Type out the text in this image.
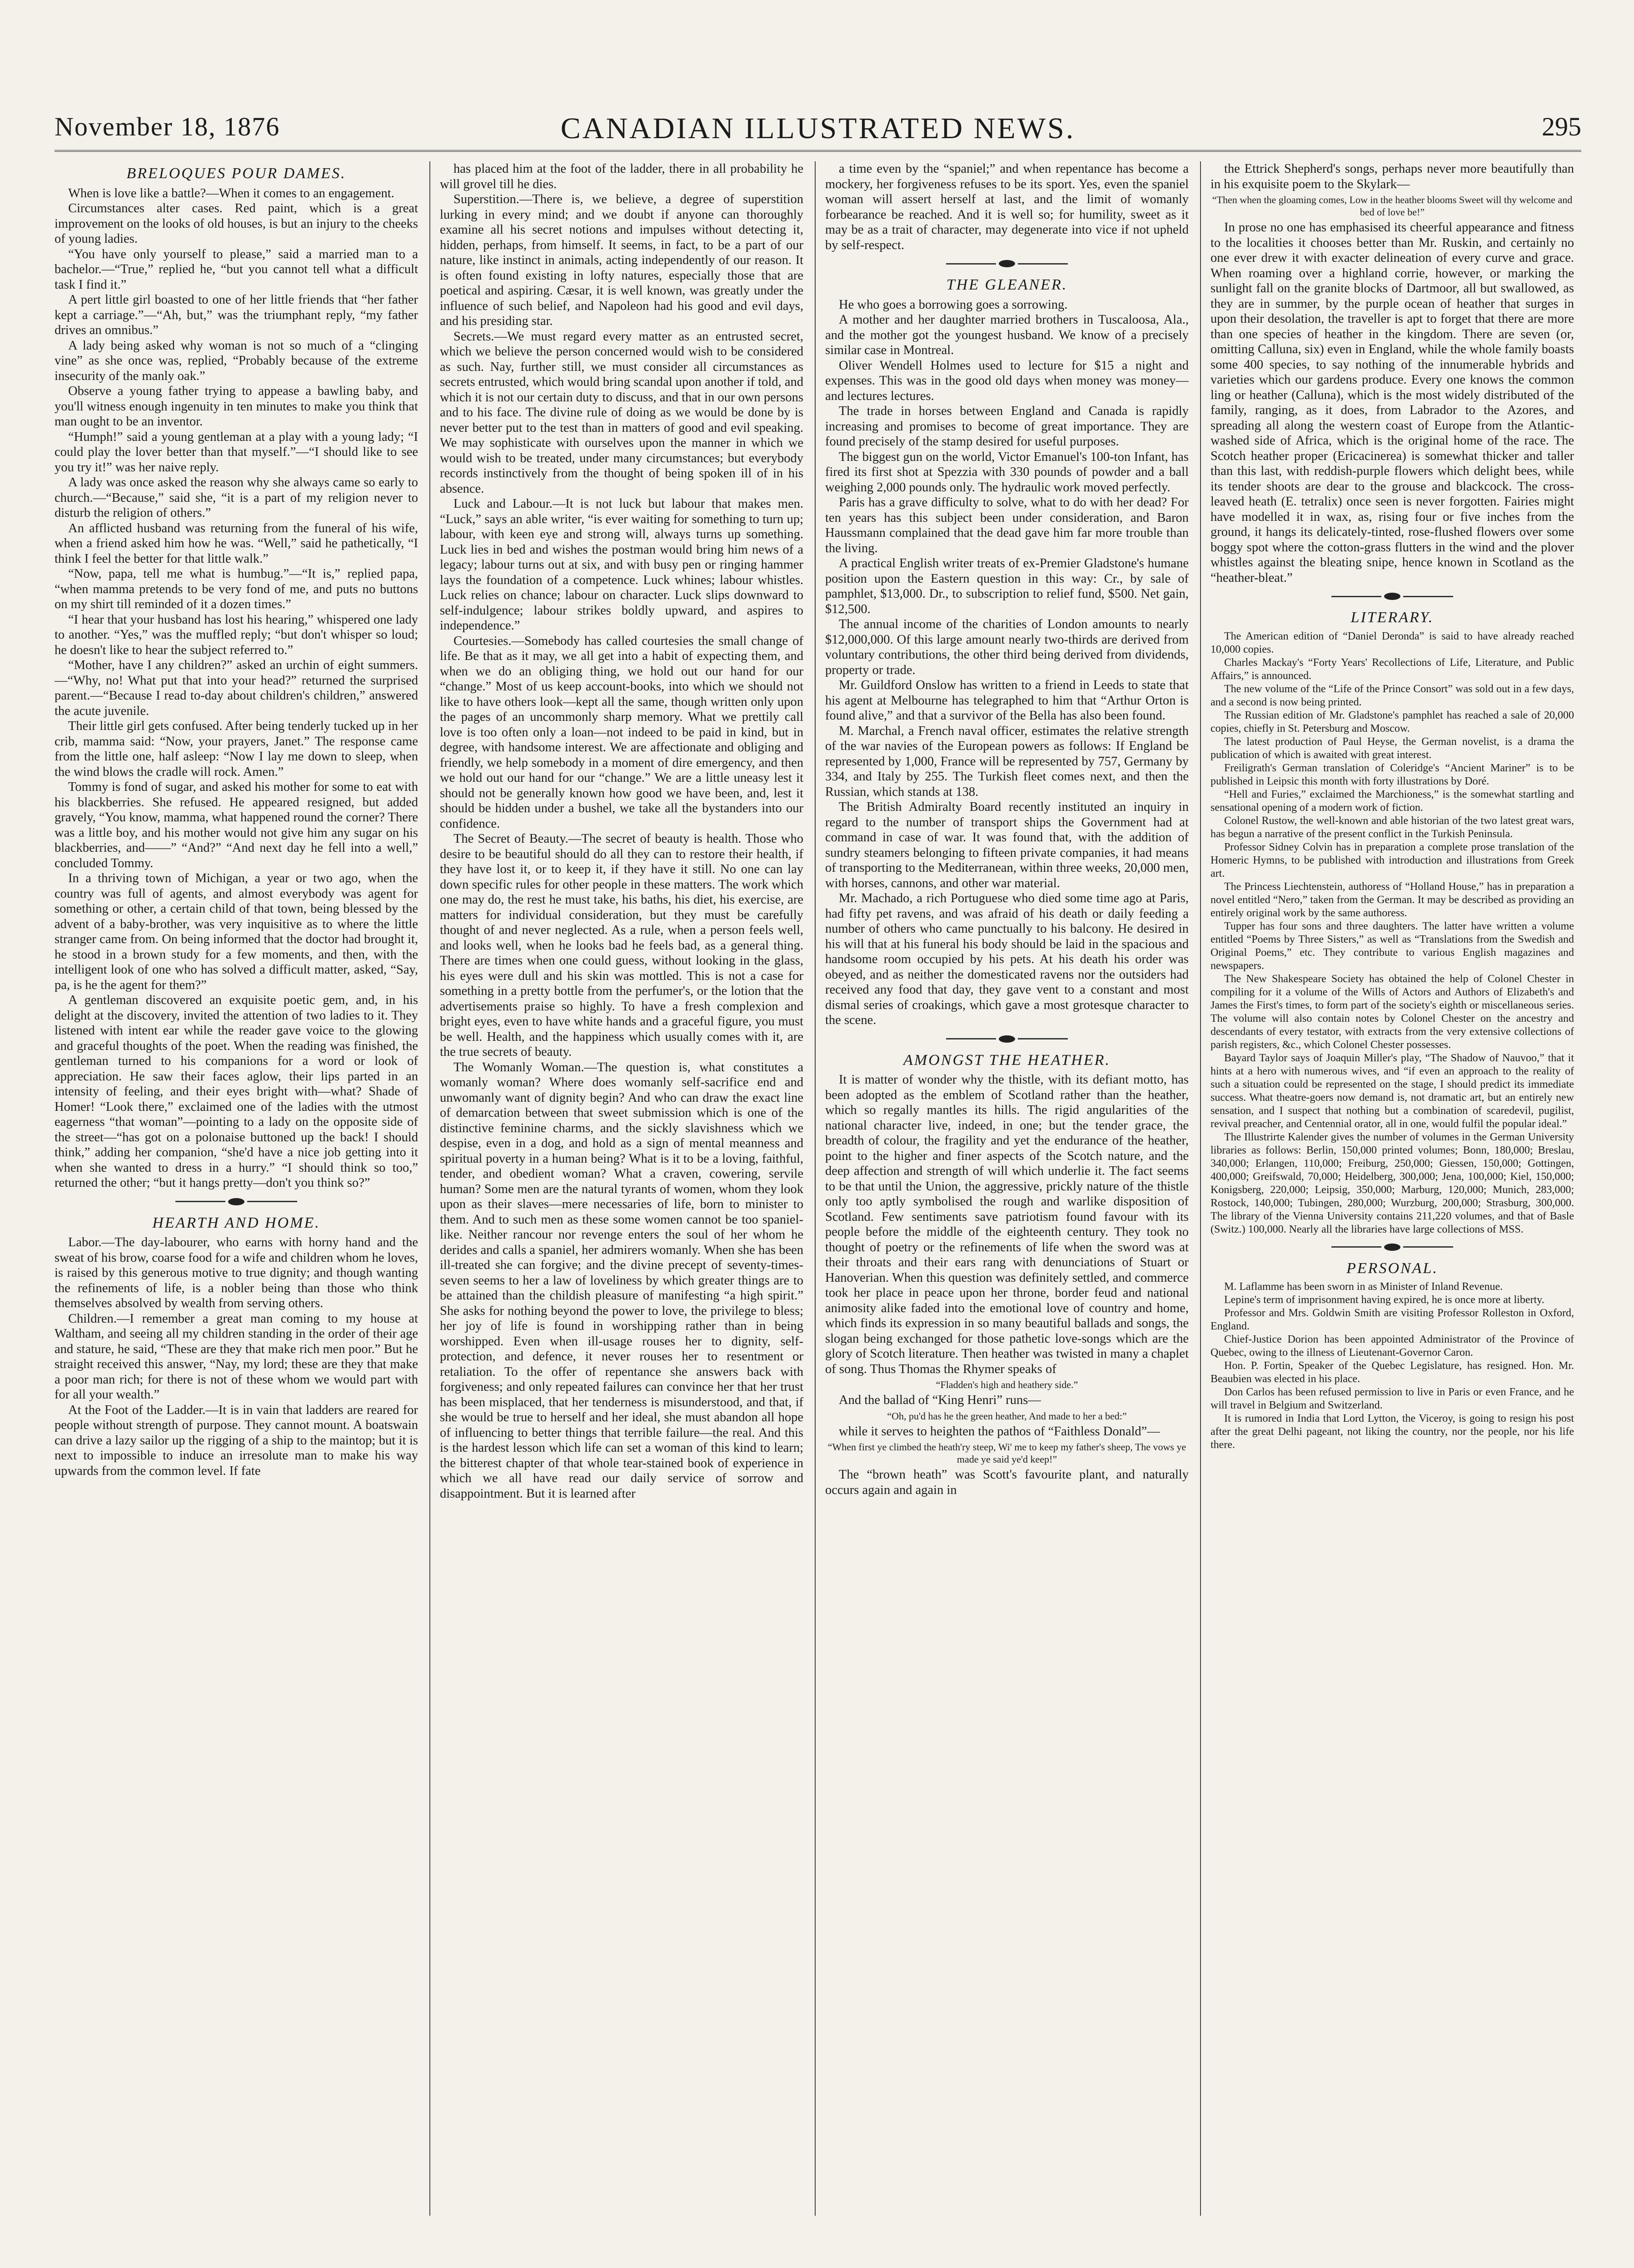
November 18, 1876	CANADIAN ILLUSTRATED NEWS.	295
BRELOQUES POUR DAMES.

When is love like a battle?—When it comes to an engagement.

Circumstances alter cases. Red paint, which is a great improvement on the looks of old houses, is but an injury to the cheeks of young ladies.

“You have only yourself to please,” said a married man to a bachelor.—“True,” replied he, “but you cannot tell what a difficult task I find it.”

A pert little girl boasted to one of her little friends that “her father kept a carriage.”—“Ah, but,” was the triumphant reply, “my father drives an omnibus.”

A lady being asked why woman is not so much of a “clinging vine” as she once was, replied, “Probably because of the extreme insecurity of the manly oak.”

Observe a young father trying to appease a bawling baby, and you'll witness enough ingenuity in ten minutes to make you think that man ought to be an inventor.

“Humph!” said a young gentleman at a play with a young lady; “I could play the lover better than that myself.”—“I should like to see you try it!” was her naive reply.

A lady was once asked the reason why she always came so early to church.—“Because,” said she, “it is a part of my religion never to disturb the religion of others.”

An afflicted husband was returning from the funeral of his wife, when a friend asked him how he was. “Well,” said he pathetically, “I think I feel the better for that little walk.”

“Now, papa, tell me what is humbug.”—“It is,” replied papa, “when mamma pretends to be very fond of me, and puts no buttons on my shirt till reminded of it a dozen times.”

“I hear that your husband has lost his hearing,” whispered one lady to another. “Yes,” was the muffled reply; “but don't whisper so loud; he doesn't like to hear the subject referred to.”

“Mother, have I any children?” asked an urchin of eight summers.—“Why, no! What put that into your head?” returned the surprised parent.—“Because I read to-day about children's children,” answered the acute juvenile.

Their little girl gets confused. After being tenderly tucked up in her crib, mamma said: “Now, your prayers, Janet.” The response came from the little one, half asleep: “Now I lay me down to sleep, when the wind blows the cradle will rock. Amen.”

Tommy is fond of sugar, and asked his mother for some to eat with his blackberries. She refused. He appeared resigned, but added gravely, “You know, mamma, what happened round the corner? There was a little boy, and his mother would not give him any sugar on his blackberries, and——” “And?” “And next day he fell into a well,” concluded Tommy.

In a thriving town of Michigan, a year or two ago, when the country was full of agents, and almost everybody was agent for something or other, a certain child of that town, being blessed by the advent of a baby-brother, was very inquisitive as to where the little stranger came from. On being informed that the doctor had brought it, he stood in a brown study for a few moments, and then, with the intelligent look of one who has solved a difficult matter, asked, “Say, pa, is he the agent for them?”

A gentleman discovered an exquisite poetic gem, and, in his delight at the discovery, invited the attention of two ladies to it. They listened with intent ear while the reader gave voice to the glowing and graceful thoughts of the poet. When the reading was finished, the gentleman turned to his companions for a word or look of appreciation. He saw their faces aglow, their lips parted in an intensity of feeling, and their eyes bright with—what? Shade of Homer! “Look there,” exclaimed one of the ladies with the utmost eagerness “that woman”—pointing to a lady on the opposite side of the street—“has got on a polonaise buttoned up the back! I should think,” adding her companion, “she'd have a nice job getting into it when she wanted to dress in a hurry.” “I should think so too,” returned the other; “but it hangs pretty—don't you think so?”

HEARTH AND HOME.

Labor.—The day-labourer, who earns with horny hand and the sweat of his brow, coarse food for a wife and children whom he loves, is raised by this generous motive to true dignity; and though wanting the refinements of life, is a nobler being than those who think themselves absolved by wealth from serving others.

Children.—I remember a great man coming to my house at Waltham, and seeing all my children standing in the order of their age and stature, he said, “These are they that make rich men poor.” But he straight received this answer, “Nay, my lord; these are they that make a poor man rich; for there is not of these whom we would part with for all your wealth.”

At the Foot of the Ladder.—It is in vain that ladders are reared for people without strength of purpose. They cannot mount. A boatswain can drive a lazy sailor up the rigging of a ship to the maintop; but it is next to impossible to induce an irresolute man to make his way upwards from the common level. If fate

has placed him at the foot of the ladder, there in all probability he will grovel till he dies.

Superstition.—There is, we believe, a degree of superstition lurking in every mind; and we doubt if anyone can thoroughly examine all his secret notions and impulses without detecting it, hidden, perhaps, from himself. It seems, in fact, to be a part of our nature, like instinct in animals, acting independently of our reason. It is often found existing in lofty natures, especially those that are poetical and aspiring. Cæsar, it is well known, was greatly under the influence of such belief, and Napoleon had his good and evil days, and his presiding star.

Secrets.—We must regard every matter as an entrusted secret, which we believe the person concerned would wish to be considered as such. Nay, further still, we must consider all circumstances as secrets entrusted, which would bring scandal upon another if told, and which it is not our certain duty to discuss, and that in our own persons and to his face. The divine rule of doing as we would be done by is never better put to the test than in matters of good and evil speaking. We may sophisticate with ourselves upon the manner in which we would wish to be treated, under many circumstances; but everybody records instinctively from the thought of being spoken ill of in his absence.

Luck and Labour.—It is not luck but labour that makes men. “Luck,” says an able writer, “is ever waiting for something to turn up; labour, with keen eye and strong will, always turns up something. Luck lies in bed and wishes the postman would bring him news of a legacy; labour turns out at six, and with busy pen or ringing hammer lays the foundation of a competence. Luck whines; labour whistles. Luck relies on chance; labour on character. Luck slips downward to self-indulgence; labour strikes boldly upward, and aspires to independence.”

Courtesies.—Somebody has called courtesies the small change of life. Be that as it may, we all get into a habit of expecting them, and when we do an obliging thing, we hold out our hand for our “change.” Most of us keep account-books, into which we should not like to have others look—kept all the same, though written only upon the pages of an uncommonly sharp memory. What we prettily call love is too often only a loan—not indeed to be paid in kind, but in degree, with handsome interest. We are affectionate and obliging and friendly, we help somebody in a moment of dire emergency, and then we hold out our hand for our “change.” We are a little uneasy lest it should not be generally known how good we have been, and, lest it should be hidden under a bushel, we take all the bystanders into our confidence.

The Secret of Beauty.—The secret of beauty is health. Those who desire to be beautiful should do all they can to restore their health, if they have lost it, or to keep it, if they have it still. No one can lay down specific rules for other people in these matters. The work which one may do, the rest he must take, his baths, his diet, his exercise, are matters for individual consideration, but they must be carefully thought of and never neglected. As a rule, when a person feels well, and looks well, when he looks bad he feels bad, as a general thing. There are times when one could guess, without looking in the glass, his eyes were dull and his skin was mottled. This is not a case for something in a pretty bottle from the perfumer's, or the lotion that the advertisements praise so highly. To have a fresh complexion and bright eyes, even to have white hands and a graceful figure, you must be well. Health, and the happiness which usually comes with it, are the true secrets of beauty.

The Womanly Woman.—The question is, what constitutes a womanly woman? Where does womanly self-sacrifice end and unwomanly want of dignity begin? And who can draw the exact line of demarcation between that sweet submission which is one of the distinctive feminine charms, and the sickly slavishness which we despise, even in a dog, and hold as a sign of mental meanness and spiritual poverty in a human being? What is it to be a loving, faithful, tender, and obedient woman? What a craven, cowering, servile human? Some men are the natural tyrants of women, whom they look upon as their slaves—mere necessaries of life, born to minister to them. And to such men as these some women cannot be too spaniel-like. Neither rancour nor revenge enters the soul of her whom he derides and calls a spaniel, her admirers womanly. When she has been ill-treated she can forgive; and the divine precept of seventy-times-seven seems to her a law of loveliness by which greater things are to be attained than the childish pleasure of manifesting “a high spirit.” She asks for nothing beyond the power to love, the privilege to bless; her joy of life is found in worshipping rather than in being worshipped. Even when ill-usage rouses her to dignity, self-protection, and defence, it never rouses her to resentment or retaliation. To the offer of repentance she answers back with forgiveness; and only repeated failures can convince her that her trust has been misplaced, that her tenderness is misunderstood, and that, if she would be true to herself and her ideal, she must abandon all hope of influencing to better things that terrible failure—the real. And this is the hardest lesson which life can set a woman of this kind to learn; the bitterest chapter of that whole tear-stained book of experience in which we all have read our daily service of sorrow and disappointment. But it is learned after

a time even by the “spaniel;” and when repentance has become a mockery, her forgiveness refuses to be its sport. Yes, even the spaniel woman will assert herself at last, and the limit of womanly forbearance be reached. And it is well so; for humility, sweet as it may be as a trait of character, may degenerate into vice if not upheld by self-respect.

THE GLEANER.

He who goes a borrowing goes a sorrowing.

A mother and her daughter married brothers in Tuscaloosa, Ala., and the mother got the youngest husband. We know of a precisely similar case in Montreal.

Oliver Wendell Holmes used to lecture for $15 a night and expenses. This was in the good old days when money was money—and lectures lectures.

The trade in horses between England and Canada is rapidly increasing and promises to become of great importance. They are found precisely of the stamp desired for useful purposes.

The biggest gun on the world, Victor Emanuel's 100-ton Infant, has fired its first shot at Spezzia with 330 pounds of powder and a ball weighing 2,000 pounds only. The hydraulic work moved perfectly.

Paris has a grave difficulty to solve, what to do with her dead? For ten years has this subject been under consideration, and Baron Haussmann complained that the dead gave him far more trouble than the living.

A practical English writer treats of ex-Premier Gladstone's humane position upon the Eastern question in this way: Cr., by sale of pamphlet, $13,000. Dr., to subscription to relief fund, $500. Net gain, $12,500.

The annual income of the charities of London amounts to nearly $12,000,000. Of this large amount nearly two-thirds are derived from voluntary contributions, the other third being derived from dividends, property or trade.

Mr. Guildford Onslow has written to a friend in Leeds to state that his agent at Melbourne has telegraphed to him that “Arthur Orton is found alive,” and that a survivor of the Bella has also been found.

M. Marchal, a French naval officer, estimates the relative strength of the war navies of the European powers as follows: If England be represented by 1,000, France will be represented by 757, Germany by 334, and Italy by 255. The Turkish fleet comes next, and then the Russian, which stands at 138.

The British Admiralty Board recently instituted an inquiry in regard to the number of transport ships the Government had at command in case of war. It was found that, with the addition of sundry steamers belonging to fifteen private companies, it had means of transporting to the Mediterranean, within three weeks, 20,000 men, with horses, cannons, and other war material.

Mr. Machado, a rich Portuguese who died some time ago at Paris, had fifty pet ravens, and was afraid of his death or daily feeding a number of others who came punctually to his balcony. He desired in his will that at his funeral his body should be laid in the spacious and handsome room occupied by his pets. At his death his order was obeyed, and as neither the domesticated ravens nor the outsiders had received any food that day, they gave vent to a constant and most dismal series of croakings, which gave a most grotesque character to the scene.

AMONGST THE HEATHER.

It is matter of wonder why the thistle, with its defiant motto, has been adopted as the emblem of Scotland rather than the heather, which so regally mantles its hills. The rigid angularities of the national character live, indeed, in one; but the tender grace, the breadth of colour, the fragility and yet the endurance of the heather, point to the higher and finer aspects of the Scotch nature, and the deep affection and strength of will which underlie it. The fact seems to be that until the Union, the aggressive, prickly nature of the thistle only too aptly symbolised the rough and warlike disposition of Scotland. Few sentiments save patriotism found favour with its people before the middle of the eighteenth century. They took no thought of poetry or the refinements of life when the sword was at their throats and their ears rang with denunciations of Stuart or Hanoverian. When this question was definitely settled, and commerce took her place in peace upon her throne, border feud and national animosity alike faded into the emotional love of country and home, which finds its expression in so many beautiful ballads and songs, the slogan being exchanged for those pathetic love-songs which are the glory of Scotch literature. Then heather was twisted in many a chaplet of song. Thus Thomas the Rhymer speaks of

“Fladden's high and heathery side.”

And the ballad of “King Henri” runs—

“Oh, pu'd has he the green heather, And made to her a bed:”

while it serves to heighten the pathos of “Faithless Donald”—

“When first ye climbed the heath'ry steep, Wi' me to keep my father's sheep, The vows ye made ye said ye'd keep!”

The “brown heath” was Scott's favourite plant, and naturally occurs again and again in

the Ettrick Shepherd's songs, perhaps never more beautifully than in his exquisite poem to the Skylark—

“Then when the gloaming comes, Low in the heather blooms Sweet will thy welcome and bed of love be!”

In prose no one has emphasised its cheerful appearance and fitness to the localities it chooses better than Mr. Ruskin, and certainly no one ever drew it with exacter delineation of every curve and grace. When roaming over a highland corrie, however, or marking the sunlight fall on the granite blocks of Dartmoor, all but swallowed, as they are in summer, by the purple ocean of heather that surges in upon their desolation, the traveller is apt to forget that there are more than one species of heather in the kingdom. There are seven (or, omitting Calluna, six) even in England, while the whole family boasts some 400 species, to say nothing of the innumerable hybrids and varieties which our gardens produce. Every one knows the common ling or heather (Calluna), which is the most widely distributed of the family, ranging, as it does, from Labrador to the Azores, and spreading all along the western coast of Europe from the Atlantic-washed side of Africa, which is the original home of the race. The Scotch heather proper (Ericacinerea) is somewhat thicker and taller than this last, with reddish-purple flowers which delight bees, while its tender shoots are dear to the grouse and blackcock. The cross-leaved heath (E. tetralix) once seen is never forgotten. Fairies might have modelled it in wax, as, rising four or five inches from the ground, it hangs its delicately-tinted, rose-flushed flowers over some boggy spot where the cotton-grass flutters in the wind and the plover whistles against the bleating snipe, hence known in Scotland as the “heather-bleat.”

LITERARY.

The American edition of “Daniel Deronda” is said to have already reached 10,000 copies.

Charles Mackay's “Forty Years' Recollections of Life, Literature, and Public Affairs,” is announced.

The new volume of the “Life of the Prince Consort” was sold out in a few days, and a second is now being printed.

The Russian edition of Mr. Gladstone's pamphlet has reached a sale of 20,000 copies, chiefly in St. Petersburg and Moscow.

The latest production of Paul Heyse, the German novelist, is a drama the publication of which is awaited with great interest.

Freiligrath's German translation of Coleridge's “Ancient Mariner” is to be published in Leipsic this month with forty illustrations by Doré.

“Hell and Furies,” exclaimed the Marchioness,” is the somewhat startling and sensational opening of a modern work of fiction.

Colonel Rustow, the well-known and able historian of the two latest great wars, has begun a narrative of the present conflict in the Turkish Peninsula.

Professor Sidney Colvin has in preparation a complete prose translation of the Homeric Hymns, to be published with introduction and illustrations from Greek art.

The Princess Liechtenstein, authoress of “Holland House,” has in preparation a novel entitled “Nero,” taken from the German. It may be described as providing an entirely original work by the same authoress.

Tupper has four sons and three daughters. The latter have written a volume entitled “Poems by Three Sisters,” as well as “Translations from the Swedish and Original Poems,” etc. They contribute to various English magazines and newspapers.

The New Shakespeare Society has obtained the help of Colonel Chester in compiling for it a volume of the Wills of Actors and Authors of Elizabeth's and James the First's times, to form part of the society's eighth or miscellaneous series. The volume will also contain notes by Colonel Chester on the ancestry and descendants of every testator, with extracts from the very extensive collections of parish registers, &c., which Colonel Chester possesses.

Bayard Taylor says of Joaquin Miller's play, “The Shadow of Nauvoo,” that it hints at a hero with numerous wives, and “if even an approach to the reality of such a situation could be represented on the stage, I should predict its immediate success. What theatre-goers now demand is, not dramatic art, but an entirely new sensation, and I suspect that nothing but a combination of scaredevil, pugilist, revival preacher, and Centennial orator, all in one, would fulfil the popular ideal.”

The Illustrirte Kalender gives the number of volumes in the German University libraries as follows: Berlin, 150,000 printed volumes; Bonn, 180,000; Breslau, 340,000; Erlangen, 110,000; Freiburg, 250,000; Giessen, 150,000; Gottingen, 400,000; Greifswald, 70,000; Heidelberg, 300,000; Jena, 100,000; Kiel, 150,000; Konigsberg, 220,000; Leipsig, 350,000; Marburg, 120,000; Munich, 283,000; Rostock, 140,000; Tubingen, 280,000; Wurzburg, 200,000; Strasburg, 300,000. The library of the Vienna University contains 211,220 volumes, and that of Basle (Switz.) 100,000. Nearly all the libraries have large collections of MSS.

PERSONAL.

M. Laflamme has been sworn in as Minister of Inland Revenue.

Lepine's term of imprisonment having expired, he is once more at liberty.

Professor and Mrs. Goldwin Smith are visiting Professor Rolleston in Oxford, England.

Chief-Justice Dorion has been appointed Administrator of the Province of Quebec, owing to the illness of Lieutenant-Governor Caron.

Hon. P. Fortin, Speaker of the Quebec Legislature, has resigned. Hon. Mr. Beaubien was elected in his place.

Don Carlos has been refused permission to live in Paris or even France, and he will travel in Belgium and Switzerland.

It is rumored in India that Lord Lytton, the Viceroy, is going to resign his post after the great Delhi pageant, not liking the country, nor the people, nor his life there.
